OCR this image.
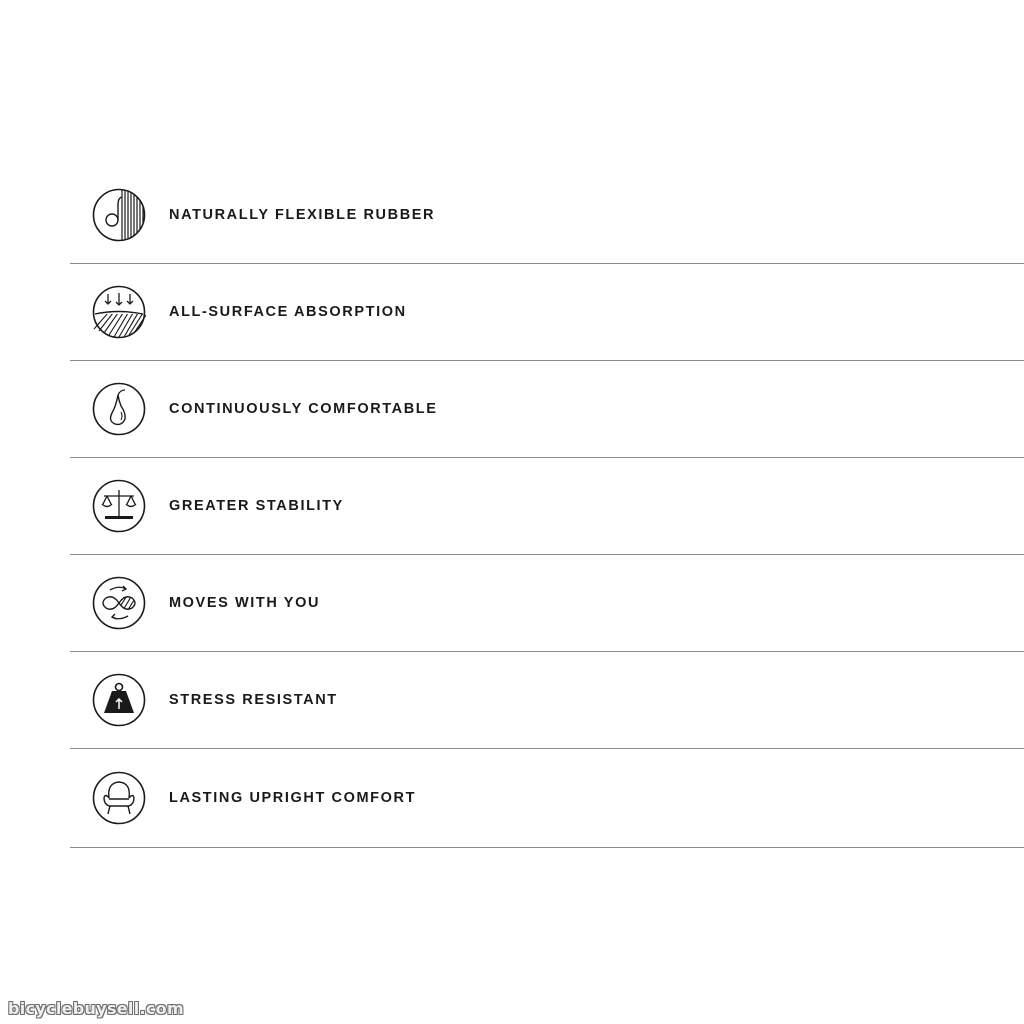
NATURALLY FLEXIBLE RUBBER
ALL-SURFACE ABSORPTION
CONTINUOUSLY COMFORTABLE
GREATER STABILITY
MOVES WITH YOU
STRESS RESISTANT
LASTING UPRIGHT COMFORT
bicyclebuysell.com
